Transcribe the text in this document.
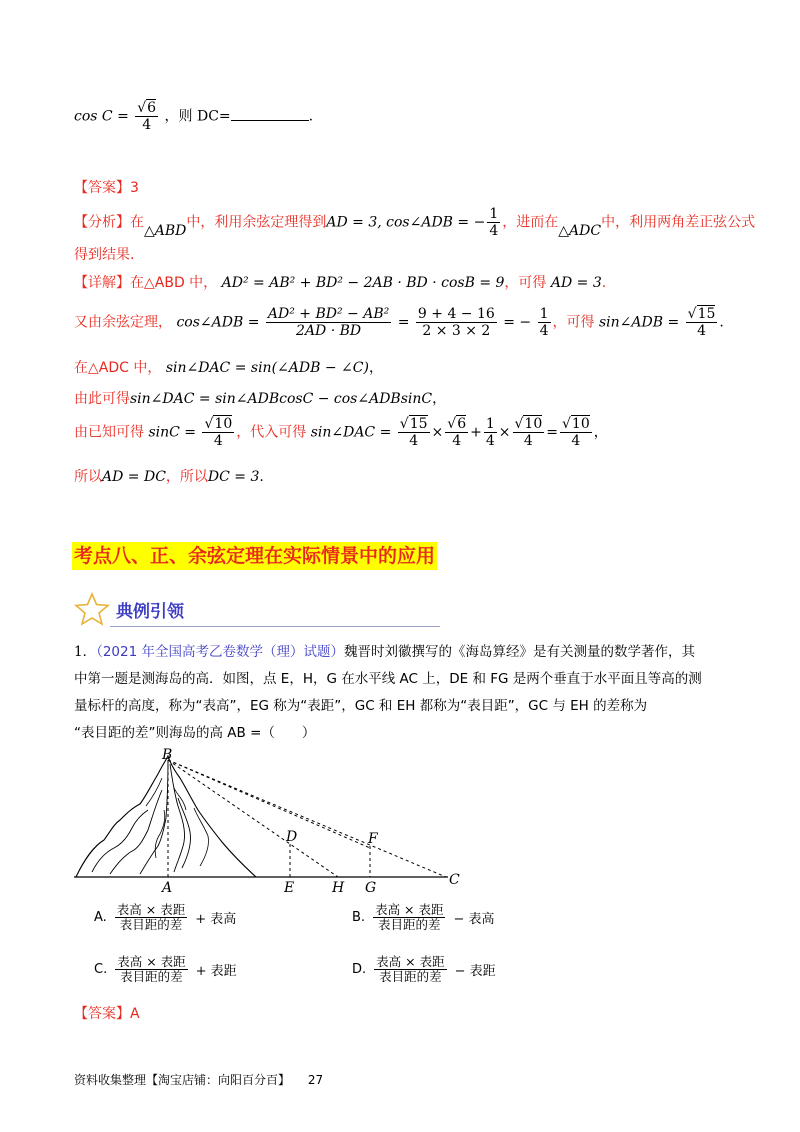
$\cos C = \frac{√6}{4}$ ，则 DC=	.
【答案】3
【分析】在△ABD中，利用余弦定理得到AD = 3, cos∠ADB = − $\frac{1}{4}$ ，进而在△ADC中，利用两角差正弦公式
得到结果.
【详解】在△ABD 中， AD² = AB² + BD² − 2AB · BD · cosB = 9，可得 AD = 3.
又由余弦定理， cos∠ADB = $\frac{\text{AD² + BD² − AB²}}{2AD \cdot BD} = \frac{9 + 4 - 16}{2 \times 3 \times 2}$ = − $\frac{1}{4}$ ，可得 sin∠ADB = $\frac{√15}{4}$ .
在△ADC 中， sin∠DAC = sin(∠ADB − ∠C)，
由此可得sin∠DAC = sin∠ADBcosC − cos∠ADBsinC，
由已知可得 $\sin C = \frac{√10}{4}$ ，代入可得 sin∠DAC = $\frac{√15}{4} \times \frac{√6}{4} + \frac{1}{4} \times \frac{√10}{4} = \frac{√10}{4}$ ，
所以AD = DC，所以DC = 3.
考点八、正、余弦定理在实际情景中的应用
典例引领
1．（2021 年全国高考乙卷数学（理）试题）魏晋时刘徽撰写的《海岛算经》是有关测量的数学著作，其
中第一题是测海岛的高．如图，点 E，H，G 在水平线 AC 上，DE 和 FG 是两个垂直于水平面且等高的测
量标杆的高度，称为“表高”，EG 称为“表距”，GC 和 EH 都称为“表目距”，GC 与 EH 的差称为
“表目距的差”则海岛的高 AB =（　　）
B
D	F
A	E	H G	C
A. $\frac{\text{表高 × 表距}}{\text{表目距的差}}$ + 表高	B. $\frac{\text{表高 × 表距}}{\text{表目距的差}}$ − 表高
C. $\frac{\text{表高 × 表距}}{\text{表目距的差}}$ + 表距	D. $\frac{\text{表高 × 表距}}{\text{表目距的差}}$ − 表距
【答案】A
资料收集整理【淘宝店铺：向阳百分百】 27
